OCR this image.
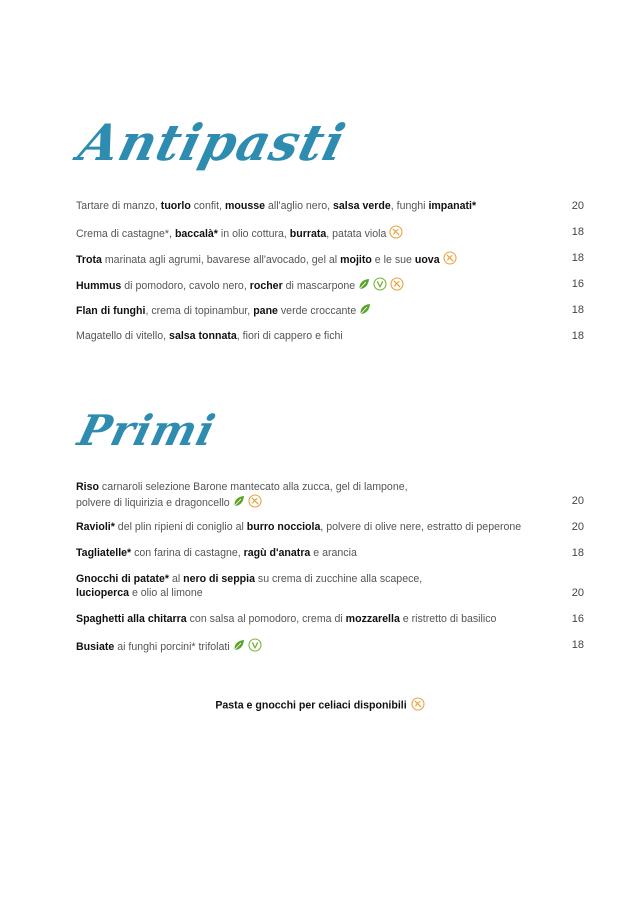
Antipasti
Tartare di manzo, tuorlo confit, mousse all'aglio nero, salsa verde, funghi impanati*	20
Crema di castagne*, baccalà* in olio cottura, burrata, patata viola	18
Trota marinata agli agrumi, bavarese all'avocado, gel al mojito e le sue uova	18
Hummus di pomodoro, cavolo nero, rocher di mascarpone	16
Flan di funghi, crema di topinambur, pane verde croccante	18
Magatello di vitello, salsa tonnata, fiori di cappero e fichi	18
Primi
Riso carnaroli selezione Barone mantecato alla zucca, gel di lampone,
polvere di liquirizia e dragoncello	20
Ravioli* del plin ripieni di coniglio al burro nocciola, polvere di olive nere, estratto di peperone	20
Tagliatelle* con farina di castagne, ragù d'anatra e arancia	18
Gnocchi di patate* al nero di seppia su crema di zucchine alla scapece,
lucioperca e olio al limone	20
Spaghetti alla chitarra con salsa al pomodoro, crema di mozzarella e ristretto di basilico	16
Busiate ai funghi porcini* trifolati	18
Pasta e gnocchi per celiaci disponibili
